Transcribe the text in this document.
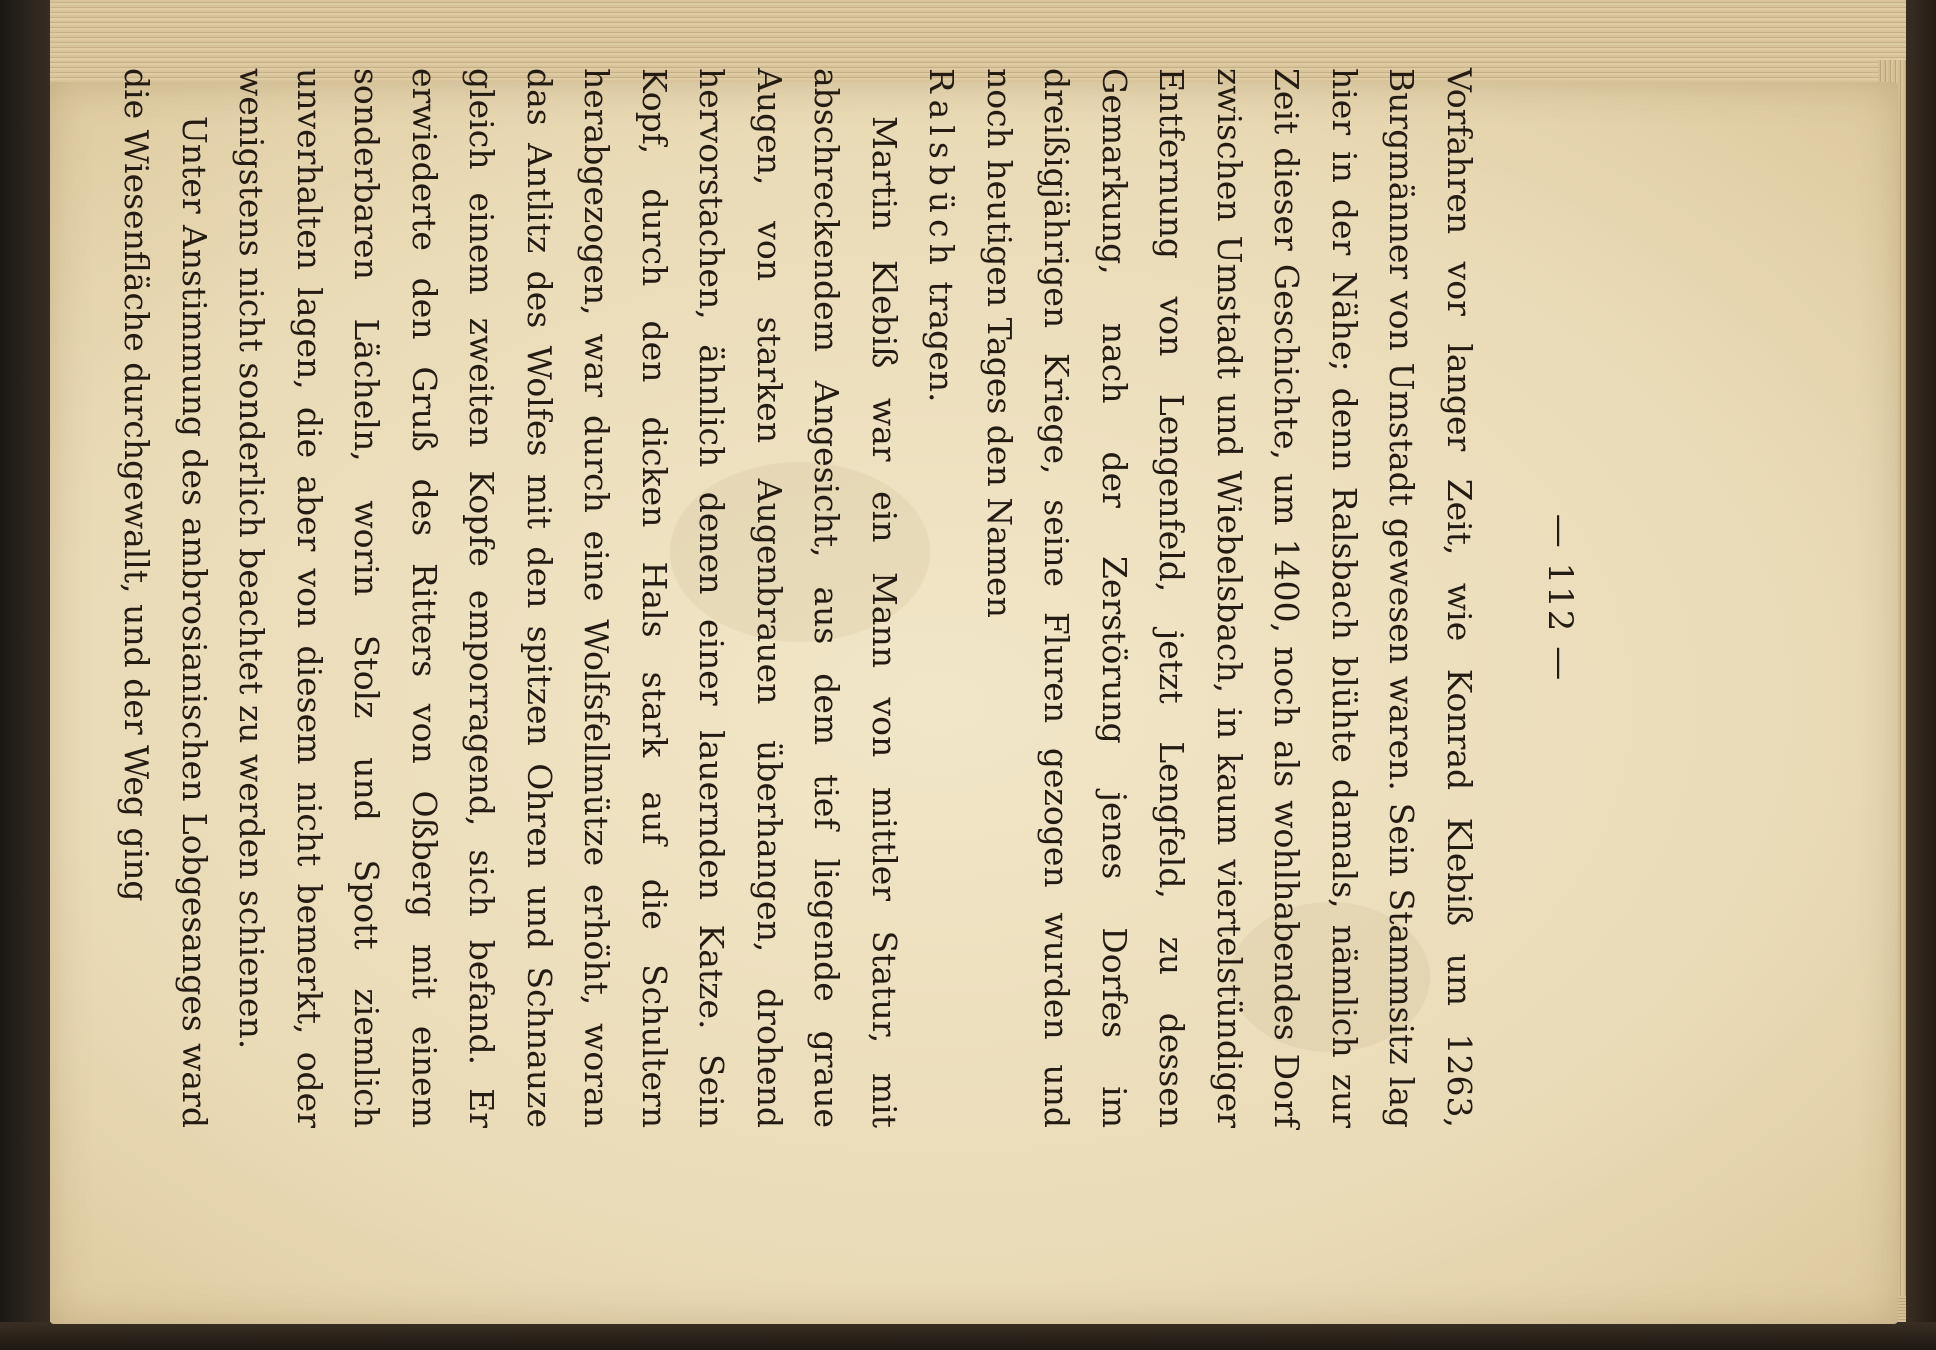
— 112 —

Vorfahren vor langer Zeit, wie Konrad Klebiß um 1263, Burgmänner von Umstadt gewesen waren. Sein Stammsitz lag hier in der Nähe; denn Ralsbach blühte damals, nämlich zur Zeit dieser Geschichte, um 1400, noch als wohlhabendes Dorf zwischen Umstadt und Wiebelsbach, in kaum viertelstündiger Entfernung von Lengenfeld, jetzt Lengfeld, zu dessen Gemarkung, nach der Zerstörung jenes Dorfes im dreißigjährigen Kriege, seine Fluren gezogen wurden und noch heutigen Tages den Namen

Ralsbüch tragen.

Martin Klebiß war ein Mann von mittler Statur, mit abschreckendem Angesicht, aus dem tief liegende graue Augen, von starken Augenbrauen überhangen, drohend hervorstachen, ähnlich denen einer lauernden Katze. Sein Kopf, durch den dicken Hals stark auf die Schultern herabgezogen, war durch eine Wolfsfellmütze erhöht, woran das Antlitz des Wolfes mit den spitzen Ohren und Schnauze gleich einem zweiten Kopfe emporragend, sich befand. Er erwiederte den Gruß des Ritters von Oßberg mit einem sonderbaren Lächeln, worin Stolz und Spott ziemlich unverhalten lagen, die aber von diesem nicht bemerkt, oder wenigstens nicht sonderlich beachtet zu werden schienen.

Unter Anstimmung des ambrosianischen Lobgesanges ward die Wiesenfläche durchgewallt, und der Weg ging
